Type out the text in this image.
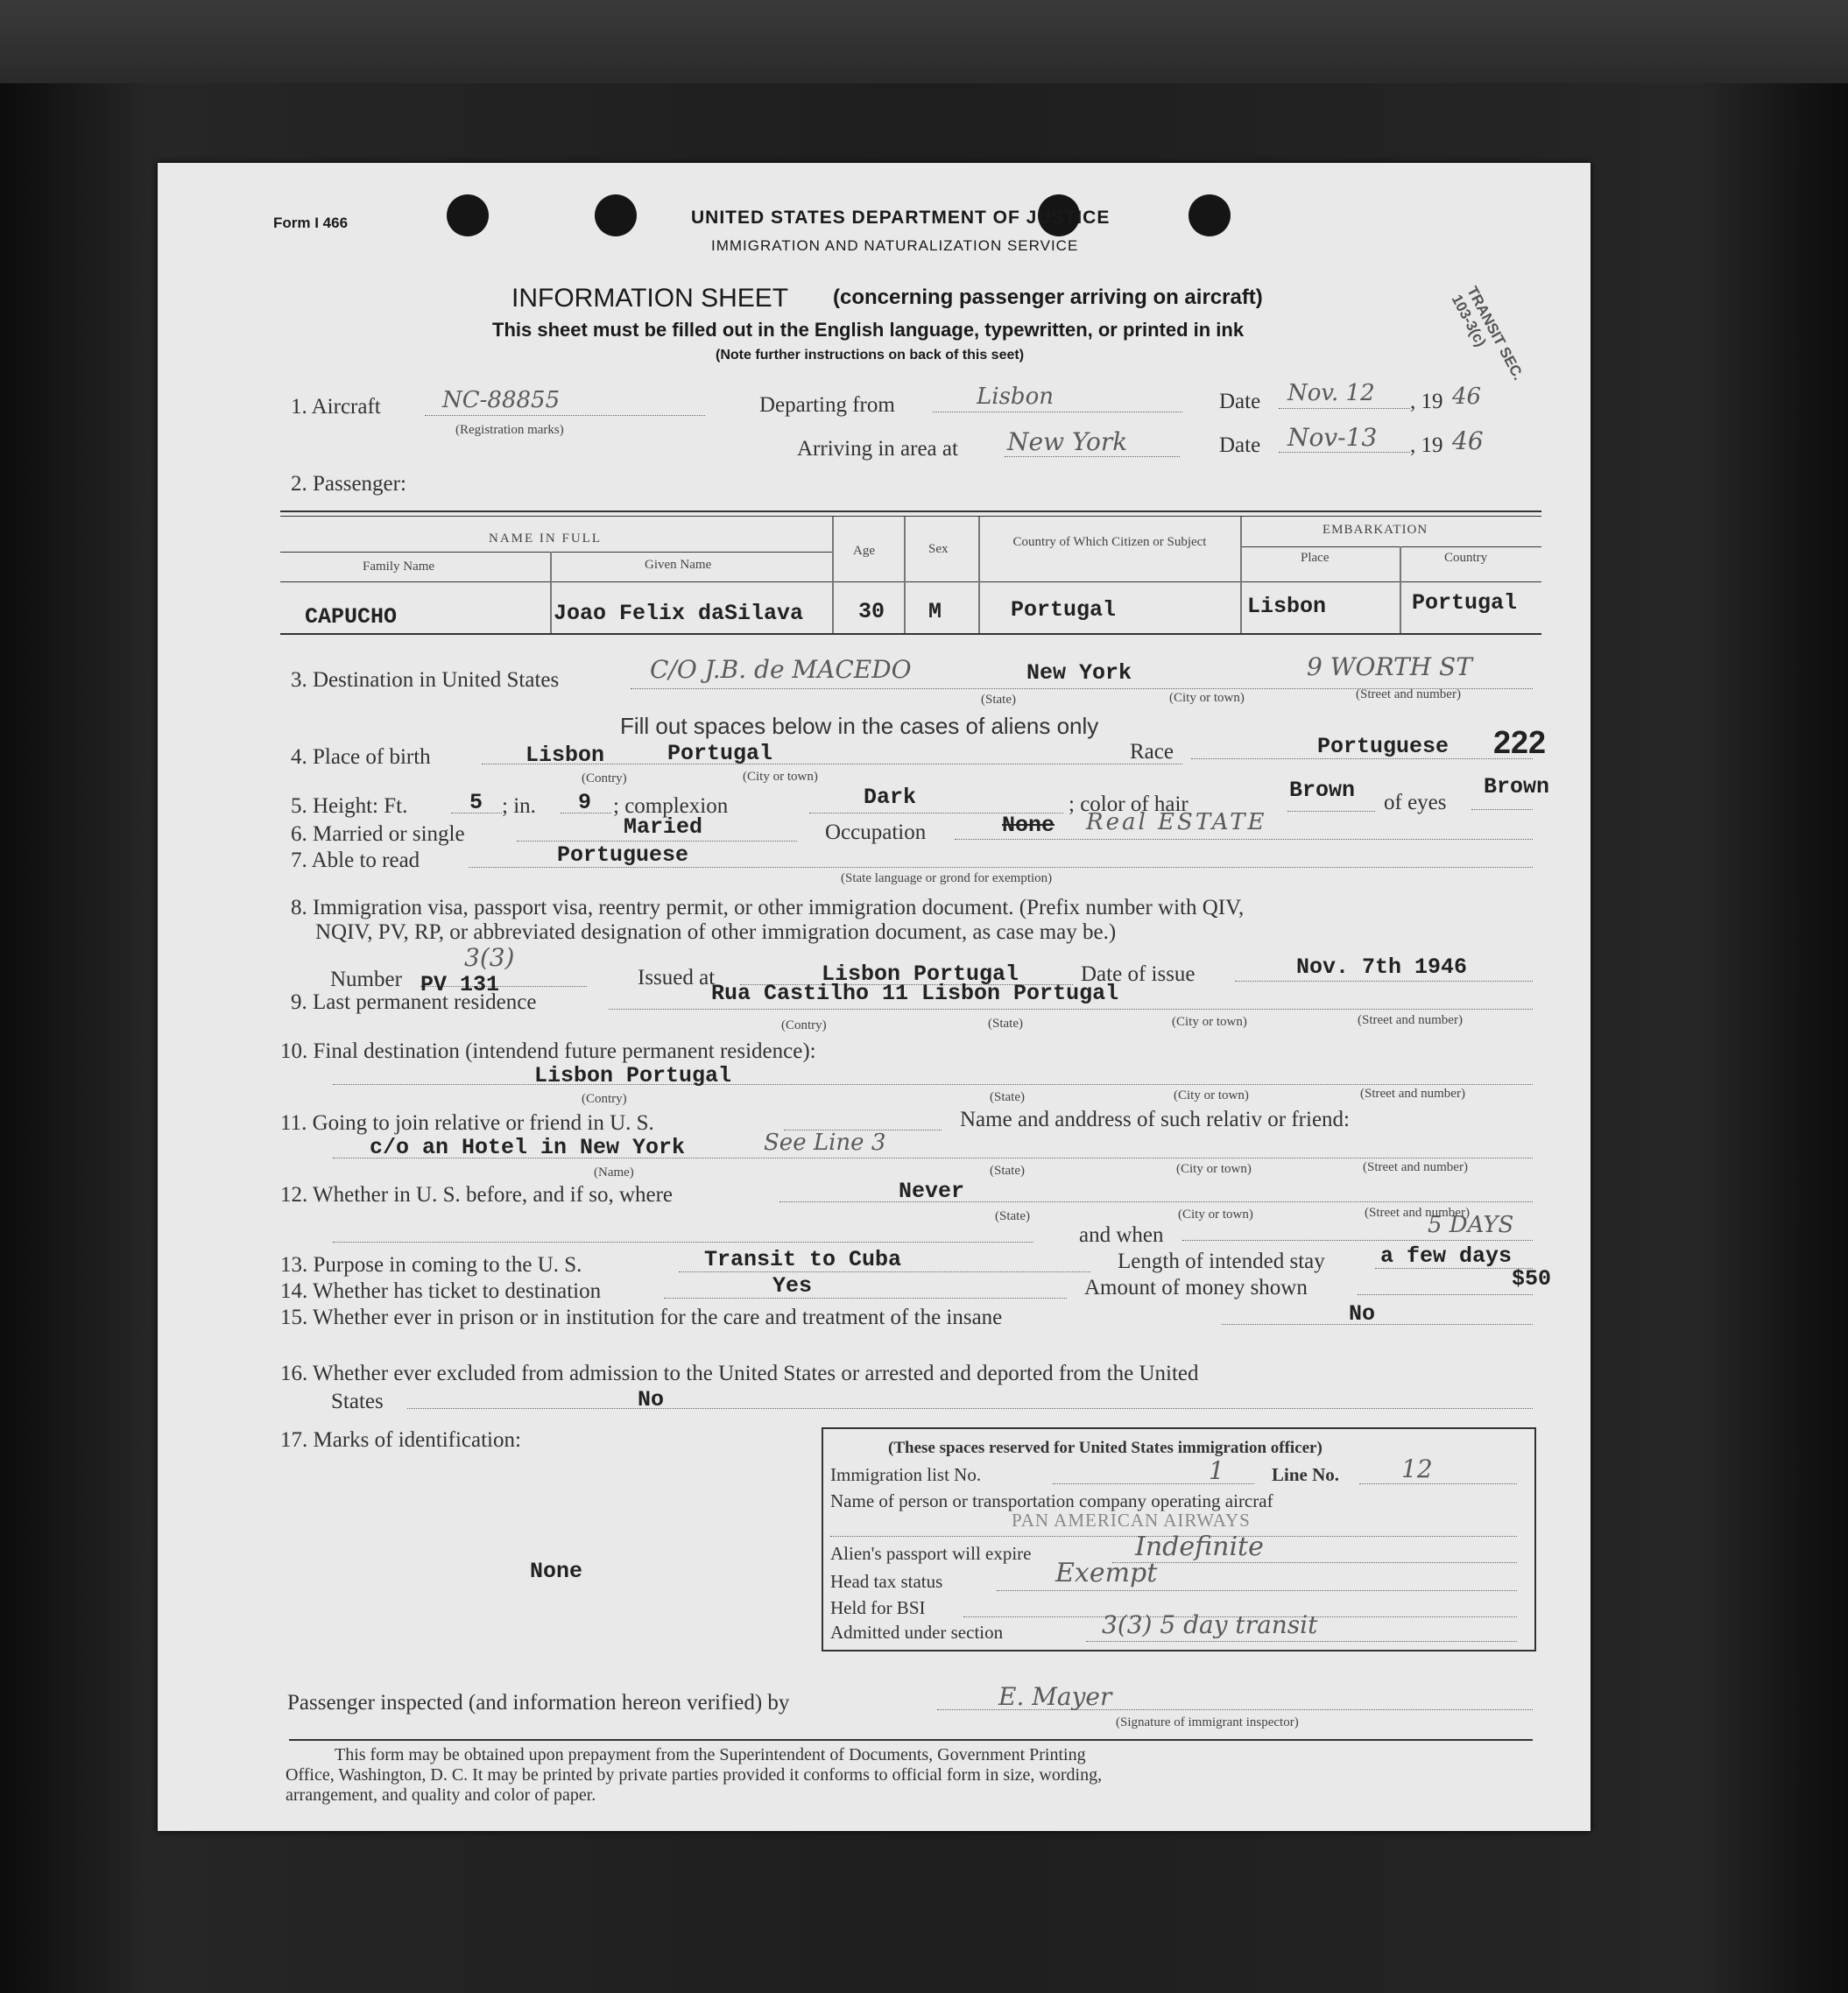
Form I 466	UNITED STATES DEPARTMENT OF JUSTICE
IMMIGRATION AND NATURALIZATION SERVICE
INFORMATION SHEET (concerning passenger arriving on aircraft)
This sheet must be filled out in the English language, typewritten, or printed in ink
(Note further instructions on back of this seet)	TRANSIT SEC. 103-3(c)
1. Aircraft	NC-88855
(Registration marks)
Departing from	Lisbon	Date Nov. 12 , 19 46
Arriving in area at New York	Date Nov-13 , 19 46
2. Passenger:
NAME IN FULL
Family Name	Given Name
Age	Sex	Country of Which Citizen or Subject
EMBARKATION
Place	Country
CAPUCHO	Joao Felix daSilava	30 M	Portugal	Lisbon	Portugal
3. Destination in United States	C/O J.B. de MACEDO	New York	9 WORTH ST
(State)	(City or town)	(Street and number)
Fill out spaces below in the cases of aliens only
4. Place of birth	Lisbon	Portugal
(Contry)	(City or town)
Race	Portuguese 222
5. Height: Ft.	5 ; in. 9 ; complexion	Dark	; color of hair
Brown of eyes
Brown
6. Married or single	Maried	Occupation	None Real ESTATE
7. Able to read	Portuguese
(State language or grond for exemption)
8. Immigration visa, passport visa, reentry permit, or other immigration document. (Prefix number with QIV,
NQIV, PV, RP, or abbreviated designation of other immigration document, as case may be.)
Number PV 131
3(3)
Issued at	Lisbon Portugal	Date of issue	Nov. 7th 1946
9. Last permanent residence	Rua Castilho 11 Lisbon Portugal
(Contry)	(State)	(City or town)	(Street and number)
10. Final destination (intendend future permanent residence):
Lisbon Portugal
(Contry)	(State)	(City or town)	(Street and number)
11. Going to join relative or friend in U. S.	Name and anddress of such relativ or friend:
c/o an Hotel in New York	See Line 3
(Name)	(State)	(City or town)	(Street and number)
12. Whether in U. S. before, and if so, where	Never
(State)	(City or town)	(Street and number)
and when	5 DAYS
13. Purpose in coming to the U. S.	Transit to Cuba	Length of intended stay	a few days
14. Whether has ticket to destination	Yes	Amount of money shown	$50
15. Whether ever in prison or in institution for the care and treatment of the insane	No
16. Whether ever excluded from admission to the United States or arrested and deported from the United
States	No
17. Marks of identification:
None
(These spaces reserved for United States immigration officer)
Immigration list No.	1	Line No.	12
Name of person or transportation company operating aircraf
PAN AMERICAN AIRWAYS
Alien's passport will expire	Indefinite
Head tax status	Exempt
Held for BSI
Admitted under section	3(3) 5 day transit
Passenger inspected (and information hereon verified) by	E. Mayer
(Signature of immigrant inspector)
This form may be obtained upon prepayment from the Superintendent of Documents, Government Printing
Office, Washington, D. C. It may be printed by private parties provided it conforms to official form in size, wording,
arrangement, and quality and color of paper.
